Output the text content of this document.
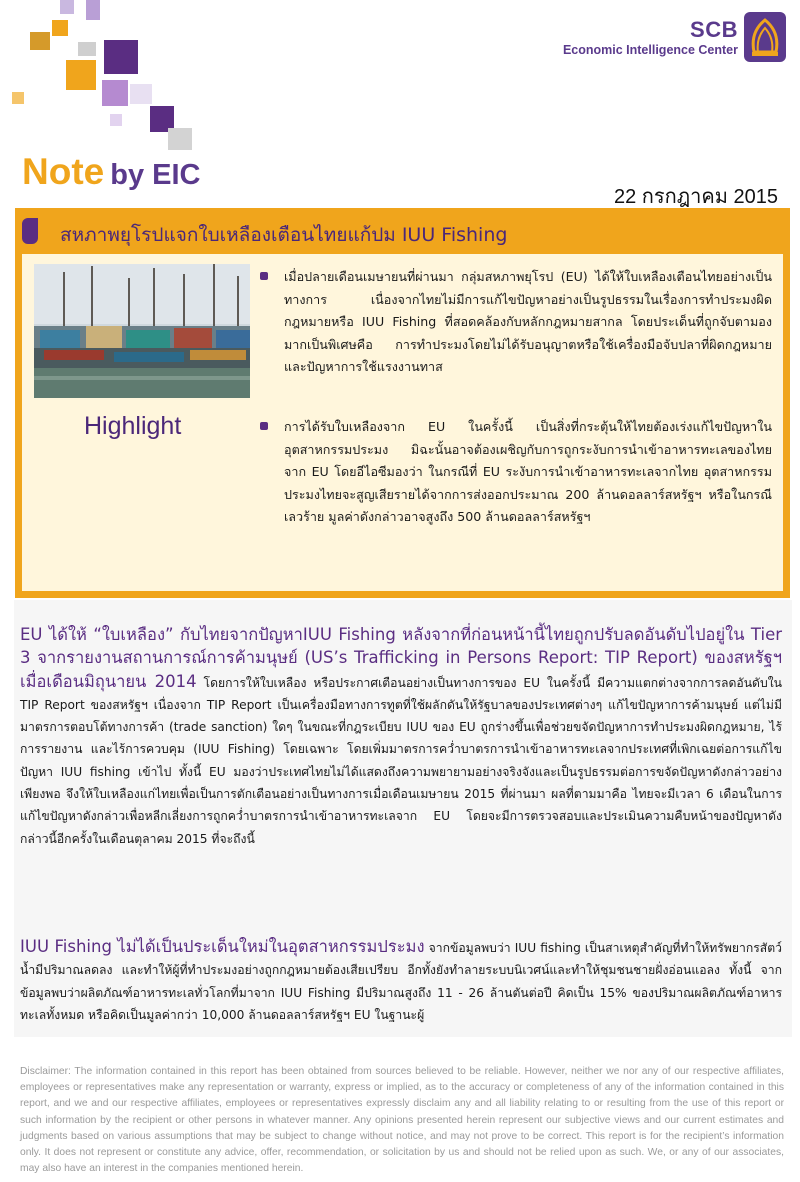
SCB
Economic Intelligence Center
Note by EIC
22 กรกฎาคม 2015
สหภาพยุโรปแจกใบเหลืองเตือนไทยแก้ปม IUU Fishing
Highlight
เมื่อปลายเดือนเมษายนที่ผ่านมา กลุ่มสหภาพยุโรป (EU) ได้ให้ใบเหลืองเตือนไทยอย่างเป็นทางการ เนื่องจากไทยไม่มีการแก้ไขปัญหาอย่างเป็นรูปธรรมในเรื่องการทำประมงผิดกฎหมายหรือ IUU Fishing ที่สอดคล้องกับหลักกฎหมายสากล โดยประเด็นที่ถูกจับตามองมากเป็นพิเศษคือ การทำประมงโดยไม่ได้รับอนุญาตหรือใช้เครื่องมือจับปลาที่ผิดกฎหมาย และปัญหาการใช้แรงงานทาส
การได้รับใบเหลืองจาก EU ในครั้งนี้ เป็นสิ่งที่กระตุ้นให้ไทยต้องเร่งแก้ไขปัญหาในอุตสาหกรรมประมง มิฉะนั้นอาจต้องเผชิญกับการถูกระงับการนำเข้าอาหารทะเลของไทยจาก EU โดยอีไอซีมองว่า ในกรณีที่ EU ระงับการนำเข้าอาหารทะเลจากไทย อุตสาหกรรมประมงไทยจะสูญเสียรายได้จากการส่งออกประมาณ 200 ล้านดอลลาร์สหรัฐฯ หรือในกรณีเลวร้าย มูลค่าดังกล่าวอาจสูงถึง 500 ล้านดอลลาร์สหรัฐฯ
EU ได้ให้ “ใบเหลือง” กับไทยจากปัญหาIUU Fishing หลังจากที่ก่อนหน้านี้ไทยถูกปรับลดอันดับไปอยู่ใน Tier 3 จากรายงานสถานการณ์การค้ามนุษย์ (US’s Trafficking in Persons Report: TIP Report) ของสหรัฐฯ เมื่อเดือนมิถุนายน 2014 โดยการให้ใบเหลือง หรือประกาศเตือนอย่างเป็นทางการของ EU ในครั้งนี้ มีความแตกต่างจากการลดอันดับใน TIP Report ของสหรัฐฯ เนื่องจาก TIP Report เป็นเครื่องมือทางการทูตที่ใช้ผลักดันให้รัฐบาลของประเทศต่างๆ แก้ไขปัญหาการค้ามนุษย์ แต่ไม่มีมาตรการตอบโต้ทางการค้า (trade sanction) ใดๆ ในขณะที่กฎระเบียบ IUU ของ EU ถูกร่างขึ้นเพื่อช่วยขจัดปัญหาการทำประมงผิดกฎหมาย, ไร้การรายงาน และไร้การควบคุม (IUU Fishing) โดยเฉพาะ โดยเพิ่มมาตรการคว่ำบาตรการนำเข้าอาหารทะเลจากประเทศที่เพิกเฉยต่อการแก้ไขปัญหา IUU fishing เข้าไป ทั้งนี้ EU มองว่าประเทศไทยไม่ได้แสดงถึงความพยายามอย่างจริงจังและเป็นรูปธรรมต่อการขจัดปัญหาดังกล่าวอย่างเพียงพอ จึงให้ใบเหลืองแก่ไทยเพื่อเป็นการตักเตือนอย่างเป็นทางการเมื่อเดือนเมษายน 2015 ที่ผ่านมา ผลที่ตามมาคือ ไทยจะมีเวลา 6 เดือนในการแก้ไขปัญหาดังกล่าวเพื่อหลีกเลี่ยงการถูกคว่ำบาตรการนำเข้าอาหารทะเลจาก EU โดยจะมีการตรวจสอบและประเมินความคืบหน้าของปัญหาดังกล่าวนี้อีกครั้งในเดือนตุลาคม 2015 ที่จะถึงนี้
IUU Fishing ไม่ได้เป็นประเด็นใหม่ในอุตสาหกรรมประมง จากข้อมูลพบว่า IUU fishing เป็นสาเหตุสำคัญที่ทำให้ทรัพยากรสัตว์น้ำมีปริมาณลดลง และทำให้ผู้ที่ทำประมงอย่างถูกกฎหมายต้องเสียเปรียบ อีกทั้งยังทำลายระบบนิเวศน์และทำให้ชุมชนชายฝั่งอ่อนแอลง ทั้งนี้ จากข้อมูลพบว่าผลิตภัณฑ์อาหารทะเลทั่วโลกที่มาจาก IUU Fishing มีปริมาณสูงถึง 11 - 26 ล้านตันต่อปี คิดเป็น 15% ของปริมาณผลิตภัณฑ์อาหารทะเลทั้งหมด หรือคิดเป็นมูลค่ากว่า 10,000 ล้านดอลลาร์สหรัฐฯ EU ในฐานะผู้
Disclaimer: The information contained in this report has been obtained from sources believed to be reliable. However, neither we nor any of our respective affiliates, employees or representatives make any representation or warranty, express or implied, as to the accuracy or completeness of any of the information contained in this report, and we and our respective affiliates, employees or representatives expressly disclaim any and all liability relating to or resulting from the use of this report or such information by the recipient or other persons in whatever manner. Any opinions presented herein represent our subjective views and our current estimates and judgments based on various assumptions that may be subject to change without notice, and may not prove to be correct. This report is for the recipient’s information only. It does not represent or constitute any advice, offer, recommendation, or solicitation by us and should not be relied upon as such. We, or any of our associates, may also have an interest in the companies mentioned herein.
